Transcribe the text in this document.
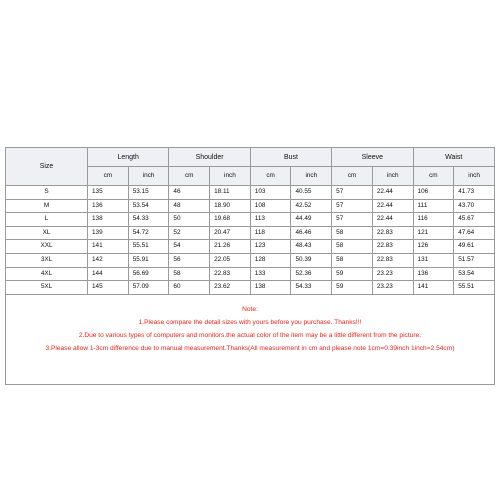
Size	Length		Shoulder		Bust		Sleeve		Waist	
	cm	inch	cm	inch	cm	inch	cm	inch	cm	inch
S	135	53.15	46	18.11	103	40.55	57	22.44	106	41.73
M	136	53.54	48	18.90	108	42.52	57	22.44	111	43.70
L	138	54.33	50	19.68	113	44.49	57	22.44	116	45.67
XL	139	54.72	52	20.47	118	46.46	58	22.83	121	47.64
XXL	141	55.51	54	21.26	123	48.43	58	22.83	126	49.61
3XL	142	55.91	56	22.05	128	50.39	58	22.83	131	51.57
4XL	144	56.69	58	22.83	133	52.36	59	23.23	136	53.54
5XL	145	57.09	60	23.62	138	54.33	59	23.23	141	55.51

Note:
1.Please compare the detail sizes with yours before you purchase. Thanks!!!
2.Due to various types of computers and monitors.the actual color of the item may be a little different from the picture.
3.Please allow 1-3cm difference due to manual measurement.Thanks(All measurement in cm and please note 1cm=0.39inch 1inch=2.54cm)										
